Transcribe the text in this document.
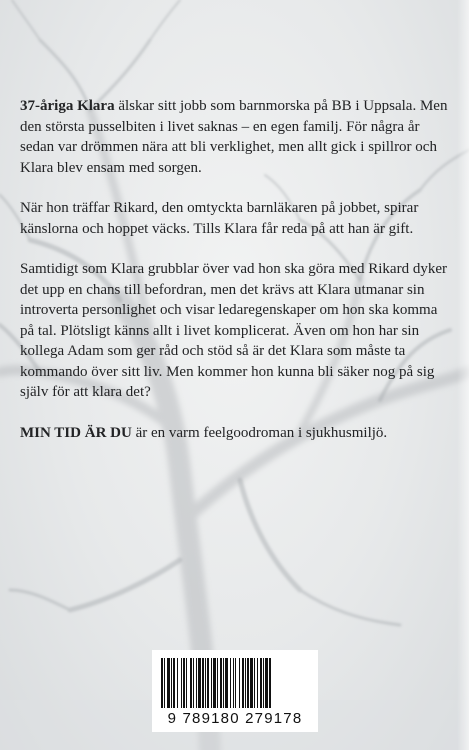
37-åriga Klara älskar sitt jobb som barnmorska på BB i Uppsala. Men den största pusselbiten i livet saknas – en egen familj. För några år sedan var drömmen nära att bli verklighet, men allt gick i spillror och Klara blev ensam med sorgen.

När hon träffar Rikard, den omtyckta barnläkaren på jobbet, spirar känslorna och hoppet väcks. Tills Klara får reda på att han är gift.

Samtidigt som Klara grubblar över vad hon ska göra med Rikard dyker det upp en chans till befordran, men det krävs att Klara utmanar sin introverta personlighet och visar ledaregenskaper om hon ska komma på tal. Plötsligt känns allt i livet komplicerat. Även om hon har sin kollega Adam som ger råd och stöd så är det Klara som måste ta kommando över sitt liv. Men kommer hon kunna bli säker nog på sig själv för att klara det?

MIN TID ÄR DU är en varm feelgoodroman i sjukhusmiljö.

9 789180 279178
